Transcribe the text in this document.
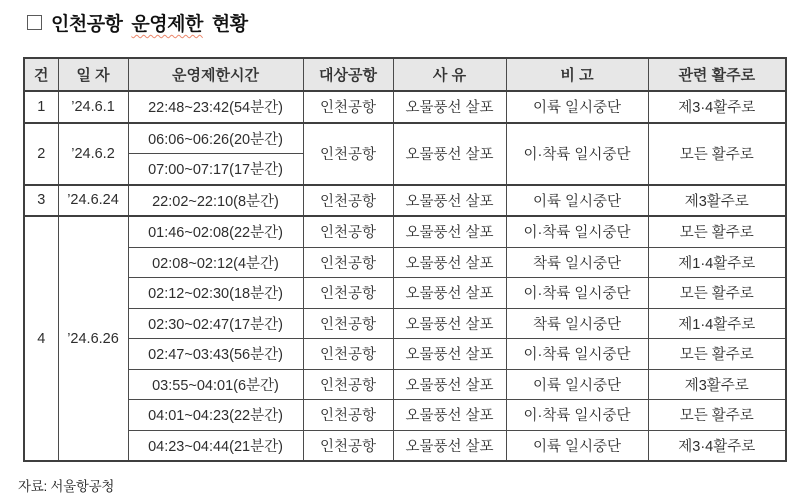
인천공항 운영제한 현황
건	일 자	운영제한시간	대상공항	사 유	비 고	관련 활주로
1	’24.6.1	22:48~23:42(54분간)	인천공항	오물풍선 살포	이륙 일시중단	제3·4활주로
2	’24.6.2	06:06~06:26(20분간)	인천공항	오물풍선 살포	이·착륙 일시중단	모든 활주로
		07:00~07:17(17분간)				
3	’24.6.24	22:02~22:10(8분간)	인천공항	오물풍선 살포	이륙 일시중단	제3활주로
4	’24.6.26	01:46~02:08(22분간)	인천공항	오물풍선 살포	이·착륙 일시중단	모든 활주로
		02:08~02:12(4분간)	인천공항	오물풍선 살포	착륙 일시중단	제1·4활주로
		02:12~02:30(18분간)	인천공항	오물풍선 살포	이·착륙 일시중단	모든 활주로
		02:30~02:47(17분간)	인천공항	오물풍선 살포	착륙 일시중단	제1·4활주로
		02:47~03:43(56분간)	인천공항	오물풍선 살포	이·착륙 일시중단	모든 활주로
		03:55~04:01(6분간)	인천공항	오물풍선 살포	이륙 일시중단	제3활주로
		04:01~04:23(22분간)	인천공항	오물풍선 살포	이·착륙 일시중단	모든 활주로
		04:23~04:44(21분간)	인천공항	오물풍선 살포	이륙 일시중단	제3·4활주로
자료: 서울항공청
